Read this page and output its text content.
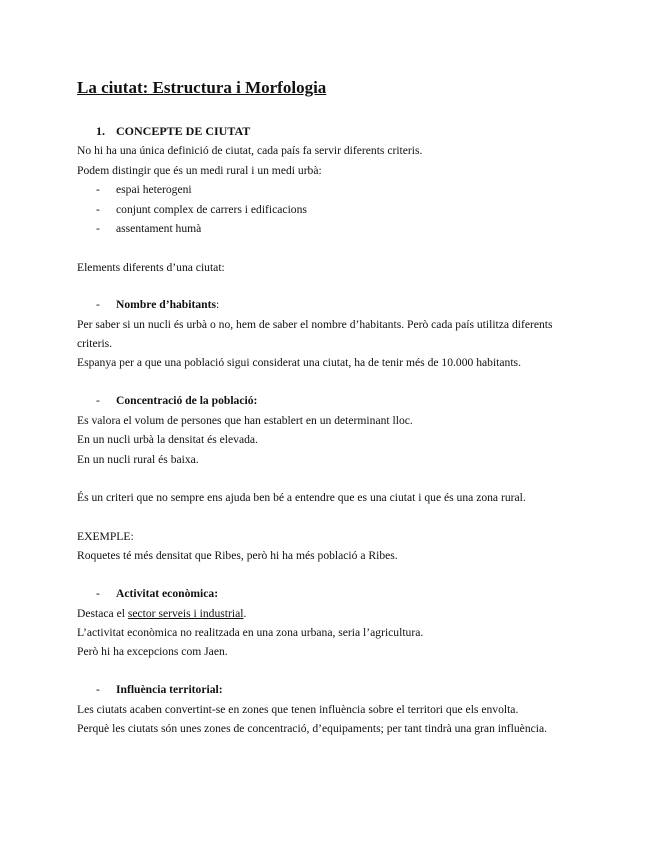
La ciutat: Estructura i Morfologia
1. CONCEPTE DE CIUTAT
No hi ha una única definició de ciutat, cada país fa servir diferents criteris.
Podem distingir que és un medi rural i un medi urbà:
- espai heterogeni
- conjunt complex de carrers i edificacions
- assentament humà
Elements diferents d’una ciutat:
- Nombre d’habitants:
Per saber si un nucli és urbà o no, hem de saber el nombre d’habitants. Però cada país utilitza diferents
criteris.
Espanya per a que una població sigui considerat una ciutat, ha de tenir més de 10.000 habitants.
- Concentració de la població:
Es valora el volum de persones que han establert en un determinant lloc.
En un nucli urbà la densitat és elevada.
En un nucli rural és baixa.
És un criteri que no sempre ens ajuda ben bé a entendre que es una ciutat i que és una zona rural.
EXEMPLE:
Roquetes té més densitat que Ribes, però hi ha més població a Ribes.
- Activitat econòmica:
Destaca el sector serveis i industrial.
L’activitat econòmica no realitzada en una zona urbana, seria l’agricultura.
Però hi ha excepcions com Jaen.
- Influència territorial:
Les ciutats acaben convertint-se en zones que tenen influència sobre el territori que els envolta.
Perquè les ciutats són unes zones de concentració, d’equipaments; per tant tindrà una gran influència.
